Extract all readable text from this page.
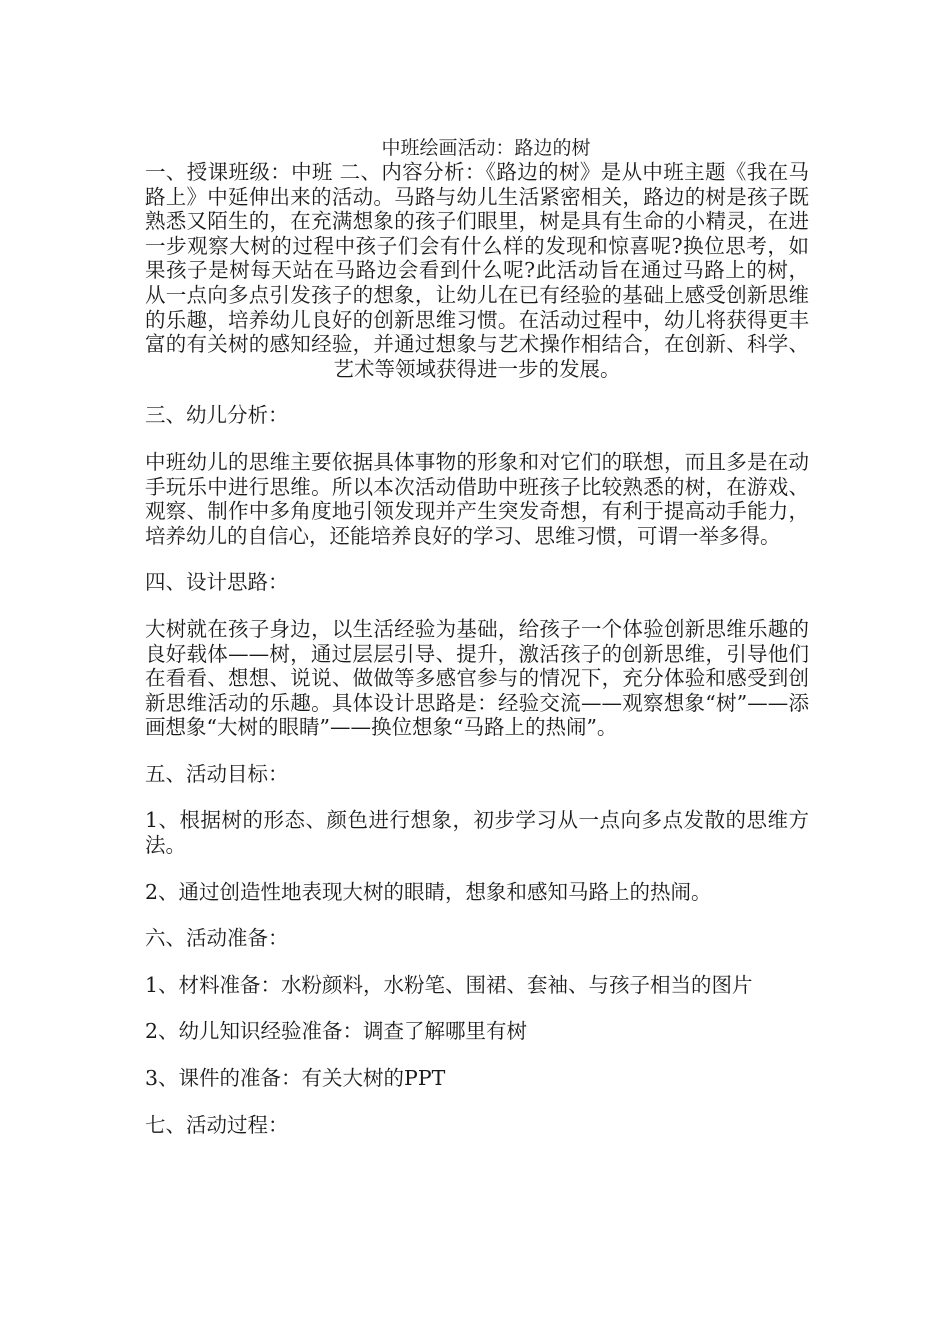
中班绘画活动：路边的树

一、授课班级：中班 二、内容分析：《路边的树》是从中班主题《我在马路上》中延伸出来的活动。马路与幼儿生活紧密相关，路边的树是孩子既熟悉又陌生的，在充满想象的孩子们眼里，树是具有生命的小精灵，在进一步观察大树的过程中孩子们会有什么样的发现和惊喜呢?换位思考，如果孩子是树每天站在马路边会看到什么呢?此活动旨在通过马路上的树，从一点向多点引发孩子的想象，让幼儿在已有经验的基础上感受创新思维的乐趣，培养幼儿良好的创新思维习惯。在活动过程中，幼儿将获得更丰富的有关树的感知经验，并通过想象与艺术操作相结合，在创新、科学、艺术等领域获得进一步的发展。

三、幼儿分析：

中班幼儿的思维主要依据具体事物的形象和对它们的联想，而且多是在动手玩乐中进行思维。所以本次活动借助中班孩子比较熟悉的树，在游戏、观察、制作中多角度地引领发现并产生突发奇想，有利于提高动手能力，培养幼儿的自信心，还能培养良好的学习、思维习惯，可谓一举多得。

四、设计思路：

大树就在孩子身边，以生活经验为基础，给孩子一个体验创新思维乐趣的良好载体——树，通过层层引导、提升，激活孩子的创新思维，引导他们在看看、想想、说说、做做等多感官参与的情况下，充分体验和感受到创新思维活动的乐趣。具体设计思路是：经验交流——观察想象“树”——添画想象“大树的眼睛”——换位想象“马路上的热闹”。

五、活动目标：

1、根据树的形态、颜色进行想象，初步学习从一点向多点发散的思维方法。

2、通过创造性地表现大树的眼睛，想象和感知马路上的热闹。

六、活动准备：

1、材料准备：水粉颜料，水粉笔、围裙、套袖、与孩子相当的图片

2、幼儿知识经验准备：调查了解哪里有树

3、课件的准备：有关大树的PPT

七、活动过程：
